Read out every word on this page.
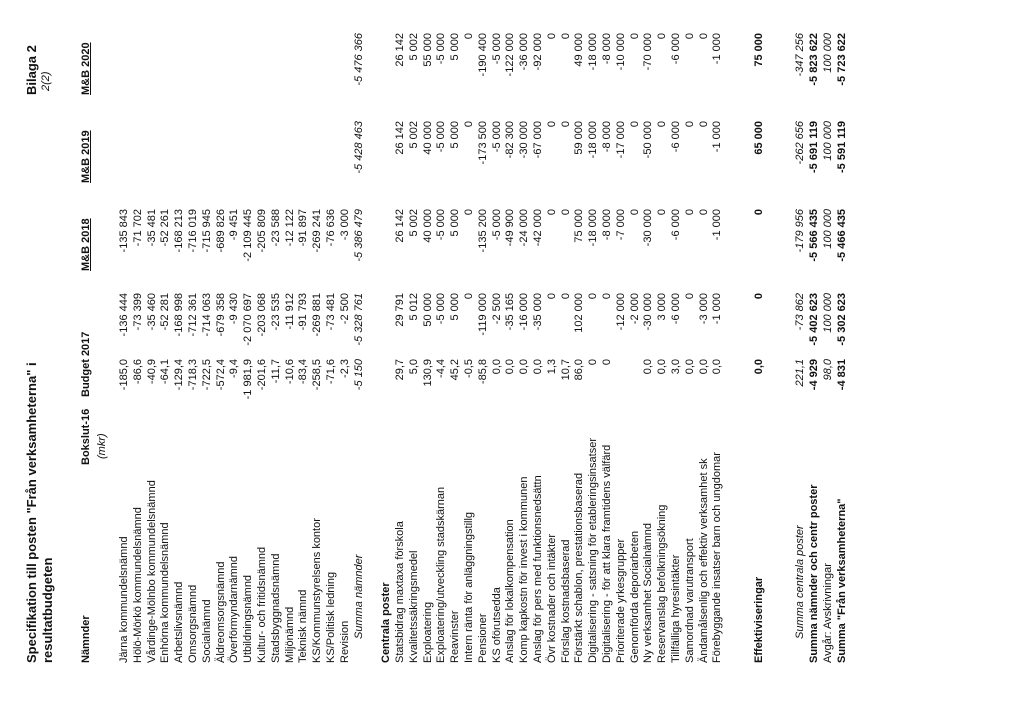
Specifikation till posten "Från verksamheterna" i resultatbudgeten
Bilaga 2 2(2)
Nämnder
Bokslut-16
Budget 2017
M&B 2018
M&B 2019
M&B 2020
(mkr)
Järna kommundelsnämnd
-185,0
-136 444
-135 843
Hölö-Mörkö kommundelsnämnd
-86,6
-73 399
-71 702
Vårdinge-Mölnbo kommundelsnämnd
-40,9
-35 460
-35 481
Enhörna kommundelsnämnd
-64,1
-52 281
-52 261
Arbetslivsnämnd
-129,4
-168 998
-168 213
Omsorgsnämnd
-718,3
-712 361
-716 019
Socialnämnd
-722,5
-714 063
-715 945
Äldreomsorgsnämnd
-572,4
-679 358
-689 826
Överförmyndarnämnd
-9,4
-9 430
-9 451
Utbildningsnämnd
-1 981,9
-2 070 697
-2 109 445
Kultur- och fritidsnämnd
-201,6
-203 068
-205 809
Stadsbyggnadsnämnd
-11,7
-23 535
-23 588
Miljönämnd
-10,6
-11 912
-12 122
Teknisk nämnd
-83,4
-91 793
-91 897
KS/Kommunstyrelsens kontor
-258,5
-269 881
-269 241
KS/Politisk ledning
-71,6
-73 481
-76 636
Revision
-2,3
-2 500
-3 000
Summa nämnder
-5 150
-5 328 761
-5 386 479
-5 428 463
-5 476 366
Centrala poster Statsbidrag maxtaxa förskola
29,7
29 791
26 142
26 142
26 142
Kvalitetssäkringsmedel
5,0
5 012
5 002
5 002
5 002
Exploatering
130,9
50 000
40 000
40 000
55 000
Exploatering/utveckling stadskärnan
-4,4
-5 000
-5 000
-5 000
-5 000
Reavinster
45,2
5 000
5 000
5 000
5 000
Intern ränta för anläggningstillg
-0,5
0
0
0
0
Pensioner
-85,8
-119 000
-135 200
-173 500
-190 400
KS oförutsedda
0,0
-2 500
-5 000
-5 000
-5 000
Anslag för lokalkompensation
0,0
-35 165
-49 900
-82 300
-122 000
Komp kapkostn för invest i kommunen
0,0
-16 000
-24 000
-30 000
-36 000
Anslag för pers med funktionsnedsättn
0,0
-35 000
-42 000
-67 000
-92 000
Övr kostnader och intäkter
1,3
0
0
0
0
Förslag kostnadsbaserad
10,7
0
0
0
0
Förstärkt schablon, prestationsbaserad
86,0
102 000
75 000
59 000
49 000
Digitalisering - satsning för etableringsinsatser
0
0
-18 000
-18 000
-18 000
Digitalisering - för att klara framtidens välfärd
0
0
-8 000
-8 000
-8 000
Prioriterade yrkesgrupper
-12 000
-7 000
-17 000
-10 000
Genomförda deporiarbeten
-2 000
0
0
0
Ny verksamhet Socialnämnd
0,0
-30 000
-30 000
-50 000
-70 000
Reservanslag befolkningsökning
0,0
3 000
0
0
0
Tillfälliga hyresintäkter
3,0
-6 000
-6 000
-6 000
-6 000
Samordnad varutransport
0,0
0
0
0
0
Ändamålsenlig och effektiv verksamhet sk
0,0
-3 000
0
0
0
Förebyggande insatser barn och ungdomar
0,0
-1 000
-1 000
-1 000
-1 000
Effektiviseringar
0,0
0
0
65 000
75 000
Summa centrala poster
221,1
-73 862
-179 956
-262 656
-347 256
Summa nämnder och centr poster
-4 929
-5 402 623
-5 566 435
-5 691 119
-5 823 622
Avgår: Avskrivningar
98,0
100 000
100 000
100 000
100 000
Summa "Från verksamheterna"
-4 831
-5 302 623
-5 466 435
-5 591 119
-5 723 622
